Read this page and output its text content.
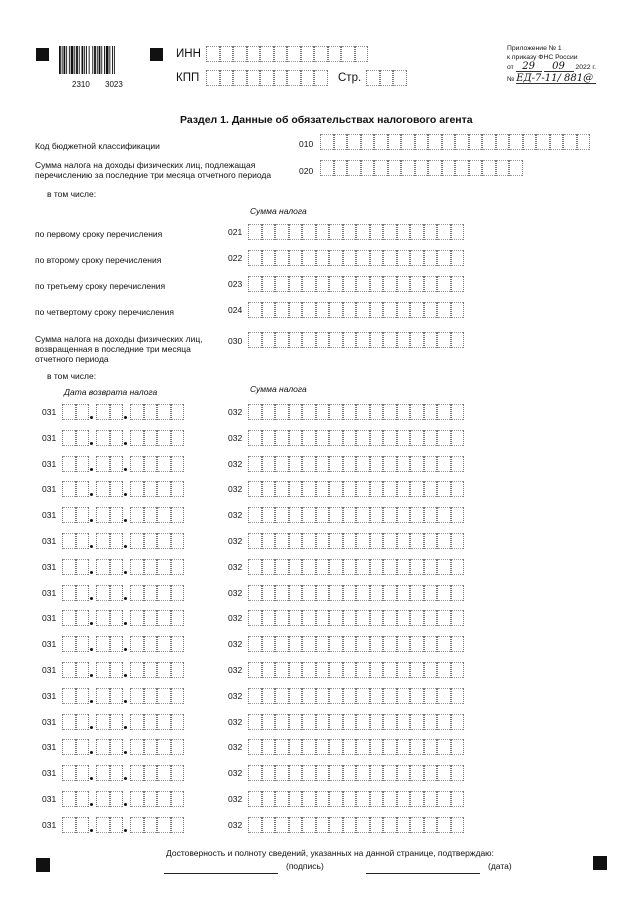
2310 3023
ИНН
КПП	Стр.
Приложение № 1
к приказу ФНС России
от 29 09 2022 г.
№ ЕД-7-11/ 881@
Раздел 1. Данные об обязательствах налогового агента
Код бюджетной классификации	010
Сумма налога на доходы физических лиц, подлежащая
перечислению за последние три месяца отчетного периода	020
в том числе:
Сумма налога
по первому сроку перечисления	021
по второму сроку перечисления	022
по третьему сроку перечисления	023
по четвертому сроку перечисления	024
Сумма налога на доходы физических лиц,
возвращенная в последние три месяца
отчетного периода
030
в том числе:
Дата возврата налога	Сумма налога
031	032
031	032
031	032
031	032
031	032
031	032
031	032
031	032
031	032
031	032
031	032
031	032
031	032
031	032
031	032
031	032
031	032
Достоверность и полноту сведений, указанных на данной странице, подтверждаю:
(подпись)	(дата)
